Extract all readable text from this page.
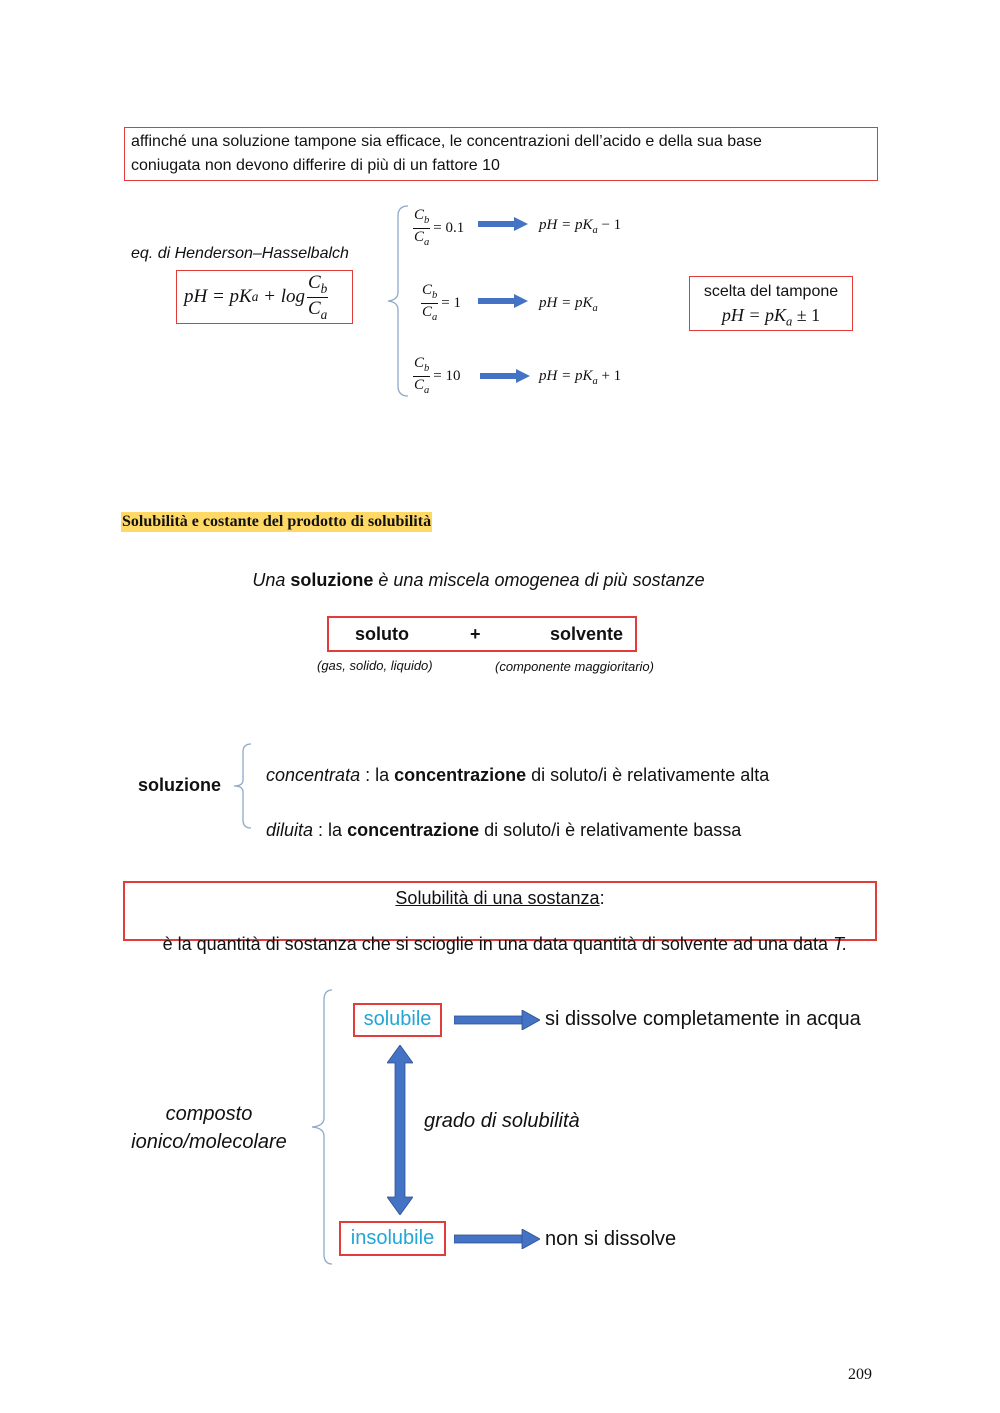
affinché una soluzione tampone sia efficace, le concentrazioni dell’acido e della sua base
coniugata non devono differire di più di un fattore 10
eq. di Henderson–Hasselbalch
pH = pK $a + \log \frac{C_b}{C_a}$
$\frac{C_b}{C_a} = 0.1$	pH = $pK_a - 1$
$\frac{C_b}{C_a} = 1$	pH = $pK_a$
$\frac{C_b}{C_a} = 10$	pH = $pK_a + 1$
scelta del tampone
pH = $pK_a \pm 1$
Solubilità e costante del prodotto di solubilità
Una soluzione è una miscela omogenea di più sostanze
soluto	+	solvente
(gas, solido, liquido)	(componente maggioritario)
soluzione	concentrata : la concentrazione di soluto/i è relativamente alta

diluita : la concentrazione di soluto/i è relativamente bassa

Solubilità di una sostanza:

è la quantità di sostanza che si scioglie in una data quantità di solvente ad una data T.

composto
ionico/molecolare
solubile	si dissolve completamente in acqua
grado di solubilità
insolubile	non si dissolve
209
